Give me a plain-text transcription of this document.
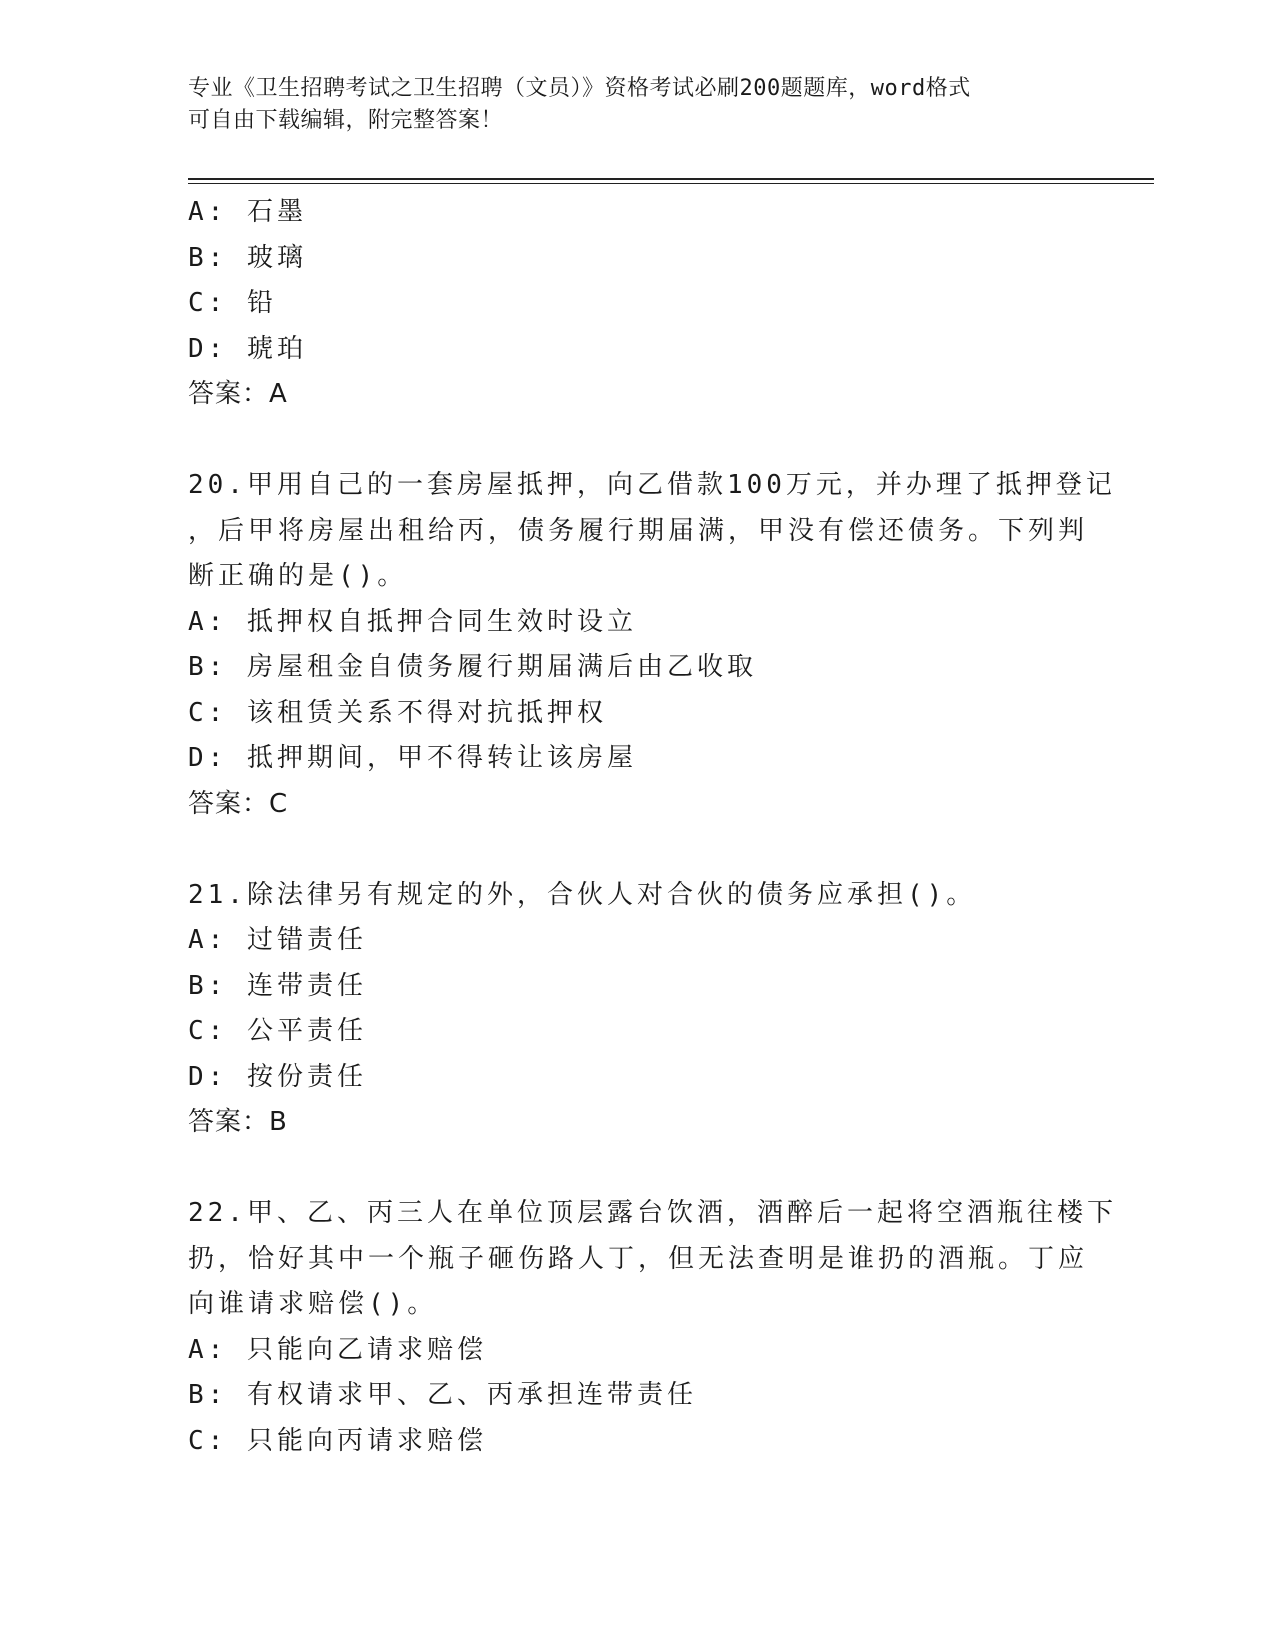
专业《卫生招聘考试之卫生招聘（文员）》资格考试必刷200题题库，word格式
可自由下载编辑，附完整答案！
A: 石墨
B: 玻璃
C: 铅
D: 琥珀
答案：A
20.甲用自己的一套房屋抵押，向乙借款100万元，并办理了抵押登记
，后甲将房屋出租给丙，债务履行期届满，甲没有偿还债务。下列判
断正确的是()。
A: 抵押权自抵押合同生效时设立
B: 房屋租金自债务履行期届满后由乙收取
C: 该租赁关系不得对抗抵押权
D: 抵押期间，甲不得转让该房屋
答案：C
21.除法律另有规定的外，合伙人对合伙的债务应承担()。
A: 过错责任
B: 连带责任
C: 公平责任
D: 按份责任
答案：B
22.甲、乙、丙三人在单位顶层露台饮酒，酒醉后一起将空酒瓶往楼下
扔，恰好其中一个瓶子砸伤路人丁，但无法查明是谁扔的酒瓶。丁应
向谁请求赔偿()。
A: 只能向乙请求赔偿
B: 有权请求甲、乙、丙承担连带责任
C: 只能向丙请求赔偿
